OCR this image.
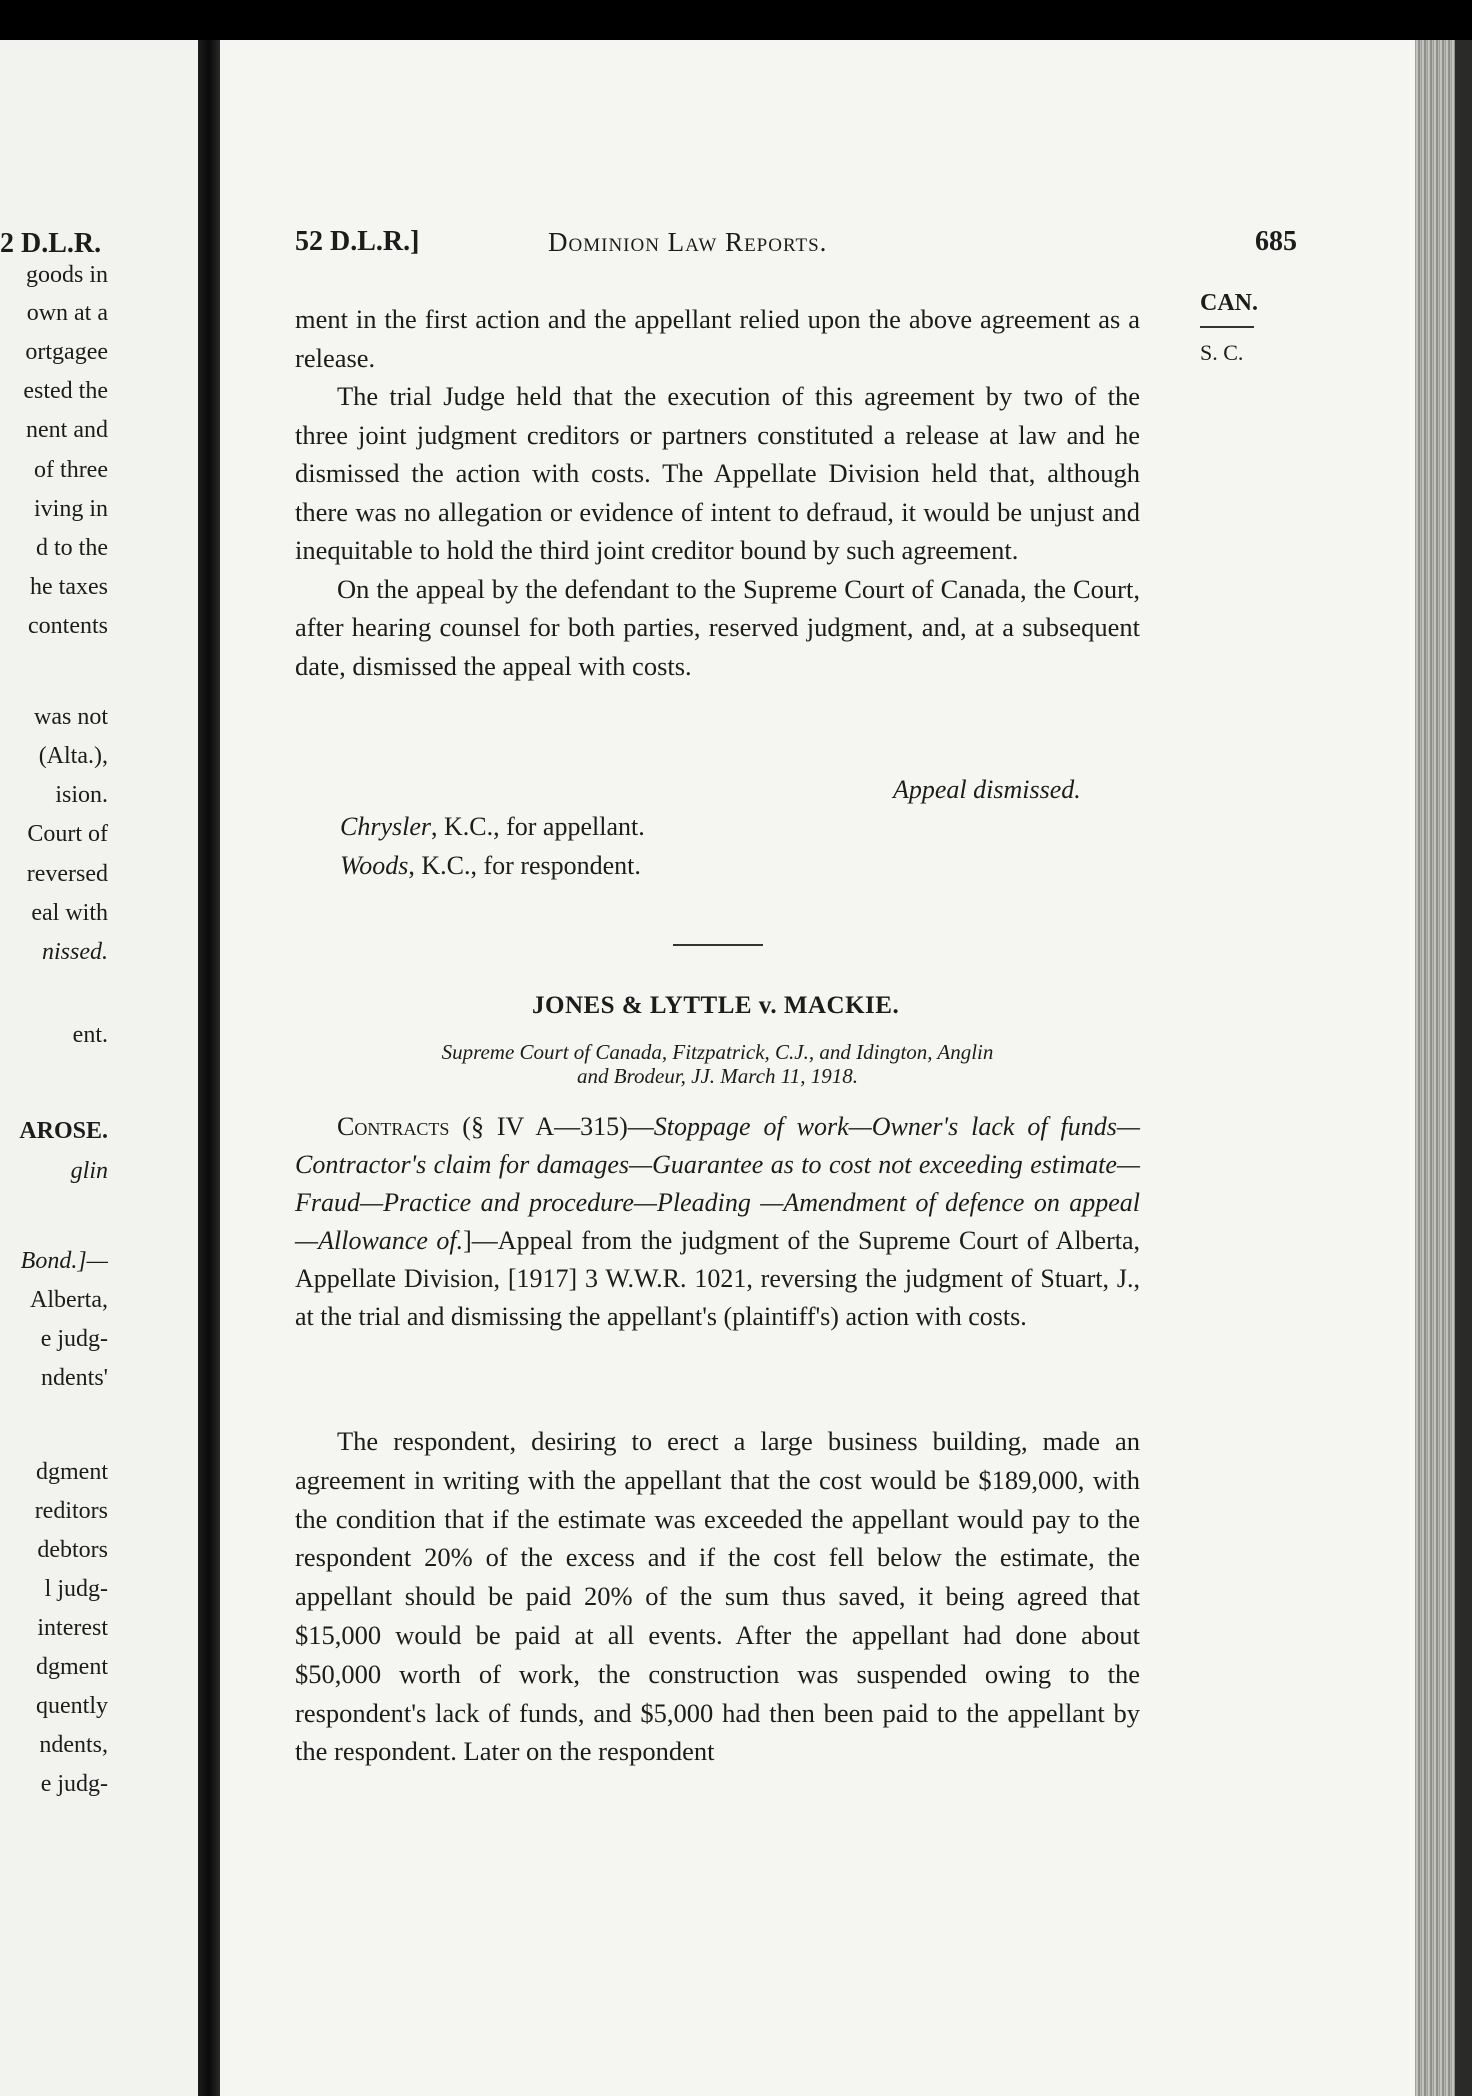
2 D.L.R.
goods in
own at a
ortgagee
ested the
nent and
of three
iving in
d to the
he taxes
contents
was not
(Alta.),
ision.
Court of
reversed
eal with
nissed.
ent.
AROSE.
glin
Bond.]—
Alberta,
e judg-
ndents'
dgment
reditors
debtors
l judg-
interest
dgment
quently
ndents,
e judg-
52 D.L.R.]	Dominion Law Reports.	685
CAN.
S. C.

ment in the first action and the appellant relied upon the above agreement as a release.

The trial Judge held that the execution of this agreement by two of the three joint judgment creditors or partners constituted a release at law and he dismissed the action with costs. The Appellate Division held that, although there was no allegation or evidence of intent to defraud, it would be unjust and inequitable to hold the third joint creditor bound by such agreement.

On the appeal by the defendant to the Supreme Court of Canada, the Court, after hearing counsel for both parties, reserved judgment, and, at a subsequent date, dismissed the appeal with costs.

Appeal dismissed.
Chrysler, K.C., for appellant.
Woods, K.C., for respondent.
JONES & LYTTLE v. MACKIE.
Supreme Court of Canada, Fitzpatrick, C.J., and Idington, Anglin
and Brodeur, JJ. March 11, 1918.

Contracts (§ IV A—315)—Stoppage of work—Owner's lack of funds—Contractor's claim for damages—Guarantee as to cost not exceeding estimate—Fraud—Practice and procedure—Pleading —Amendment of defence on appeal—Allowance of.]—Appeal from the judgment of the Supreme Court of Alberta, Appellate Division, [1917] 3 W.W.R. 1021, reversing the judgment of Stuart, J., at the trial and dismissing the appellant's (plaintiff's) action with costs.

The respondent, desiring to erect a large business building, made an agreement in writing with the appellant that the cost would be $189,000, with the condition that if the estimate was exceeded the appellant would pay to the respondent 20% of the excess and if the cost fell below the estimate, the appellant should be paid 20% of the sum thus saved, it being agreed that $15,000 would be paid at all events. After the appellant had done about $50,000 worth of work, the construction was suspended owing to the respondent's lack of funds, and $5,000 had then been paid to the appellant by the respondent. Later on the respondent
